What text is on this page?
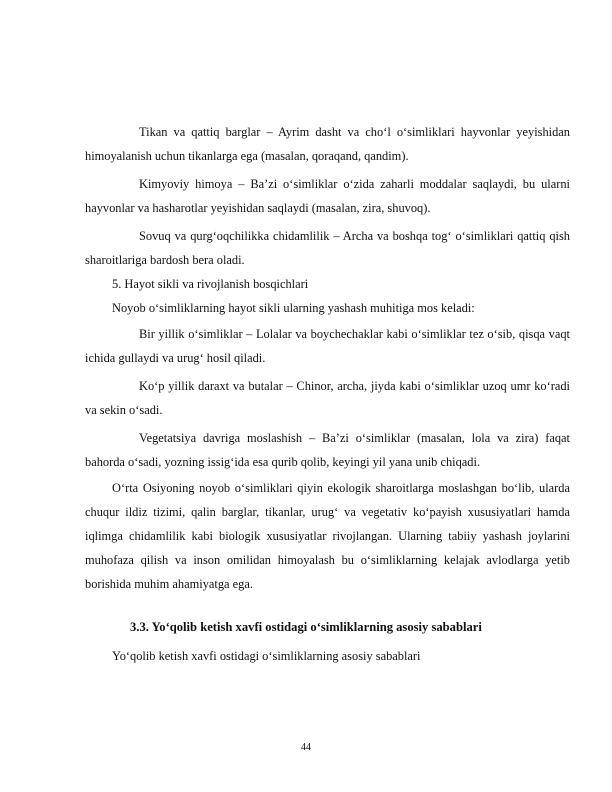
Tikan va qattiq barglar – Ayrim dasht va cho‘l o‘simliklari hayvonlar yeyishidan himoyalanish uchun tikanlarga ega (masalan, qoraqand, qandim).

Kimyoviy himoya – Ba’zi o‘simliklar o‘zida zaharli moddalar saqlaydi, bu ularni hayvonlar va hasharotlar yeyishidan saqlaydi (masalan, zira, shuvoq).

Sovuq va qurg‘oqchilikka chidamlilik – Archa va boshqa tog‘ o‘simliklari qattiq qish sharoitlariga bardosh bera oladi.

5. Hayot sikli va rivojlanish bosqichlari

Noyob o‘simliklarning hayot sikli ularning yashash muhitiga mos keladi:

Bir yillik o‘simliklar – Lolalar va boychechaklar kabi o‘simliklar tez o‘sib, qisqa vaqt ichida gullaydi va urug‘ hosil qiladi.

Ko‘p yillik daraxt va butalar – Chinor, archa, jiyda kabi o‘simliklar uzoq umr ko‘radi va sekin o‘sadi.

Vegetatsiya davriga moslashish – Ba’zi o‘simliklar (masalan, lola va zira) faqat bahorda o‘sadi, yozning issig‘ida esa qurib qolib, keyingi yil yana unib chiqadi.

O‘rta Osiyoning noyob o‘simliklari qiyin ekologik sharoitlarga moslashgan bo‘lib, ularda chuqur ildiz tizimi, qalin barglar, tikanlar, urug‘ va vegetativ ko‘payish xususiyatlari hamda iqlimga chidamlilik kabi biologik xususiyatlar rivojlangan. Ularning tabiiy yashash joylarini muhofaza qilish va inson omilidan himoyalash bu o‘simliklarning kelajak avlodlarga yetib borishida muhim ahamiyatga ega.

3.3. Yo‘qolib ketish xavfi ostidagi o‘simliklarning asosiy sabablari

Yo‘qolib ketish xavfi ostidagi o‘simliklarning asosiy sabablari

44
